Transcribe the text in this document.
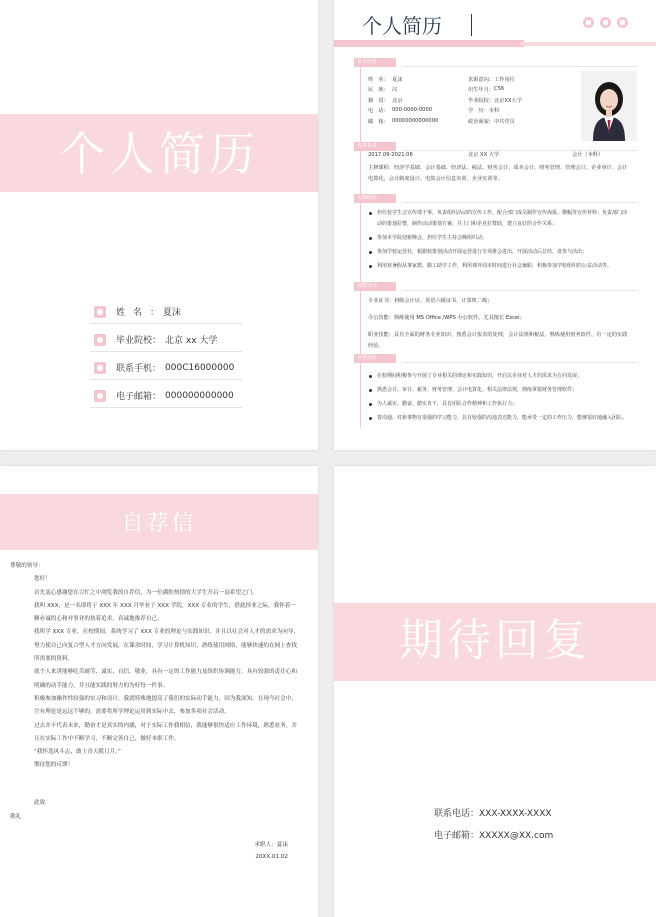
个人简历
姓名 ： 夏沫
毕业院校 ： 北京 xx 大学
联系手机 ： 000C16000000
电子邮箱 ： 000000000000
个人简历
基本信息
姓　名： 夏沫	求职意向： 工作岗位
民　族： 汉	出生年月： C56
籍　贯： 北京	毕业院校： 北京XX大学
电　话： 000-0000-0000	学　历： 本科
邮　箱： 00000000000000	政治面貌： 中共党员
教育背景
2017.09-2021.06	北京 XX 大学	会计（本科）
主修课程：经济学基础、会计基础、经济法、税法、财务会计、成本会计、财务管理、管理会计、企业审计、会计电算化、会计制度设计、电算会计信息实训、企业实训等。
实践经验
担任校学生会宣传部干事，负责组织活动的宣传工作。配合部门成员制作宣传海报、横幅等宣传材料；负责部门活动的策划拉赞，制作活动策划方案，并上门和企业拉赞助，建立良好的合作关系；
参加本学院迎新晚会，担任学生主持会晚组织动；
参加学校运营社，根据校策划活动开展运营进行专项推会进出，开展活动后总结，盘参与活出；
利用寒暑假从事家教、勤工助学工作，利用课外周末时间进行社会兼职，积极参加学校组织的公益活动等。
技能证书
专业证书：初级会计证、英语六级证书、计算机二级；
办公技能：熟练使用 MS Office /WPS 办公软件，尤其擅长 Excel；
职业技能：具有全面的财务专业知识，熟悉会计报表的处理，会计法规和税法，熟练使用财务软件，有一定的实践经验。
自我评价
在校期间积极参与开展了专业相关的理论和实践知识，开启以企业对人才的需求为方向发展；
熟悉会计、审计、税务、财务管理、会计电算化、相关法律法规，熟练掌握财务管理软件；
为人诚实、勤奋、踏实肯干，具有团队合作精神和工作执行力；
善沟通、对新事物有很强的学习能力，具有较强的沟通表达能力，能承受一定的工作压力，能够很好地融入团队。
自荐信

尊敬的领导：

您好！

首先衷心感谢您在百忙之中浏览我的自荐信，为一位满腔热情的大学生开启一扇希望之门。

我叫 XXX，是一名即将于 XXX 年 XXX 月毕业于 XXX 学院，XXX 专业的学生，借此择业之际，我怀着一颗赤诚的心和对事业的执着追求，真诚地推荐自己。

我所学 XXX 专业，在校期间，系统学习了 XXX 专业的理论与实践知识，并且以社会对人才的需求为向导，努力使自己向复合型人才方向发展，在课余时间，学习计算机知识，熟练使用网络，能够快速的在网上查找所需要的资料。

就个人来讲能够吃苦耐劳、诚实、自信、敬业，具有一定的工作能力及组织协调能力，具有较强的责任心和明确的动手能力，并且能实践的努力的为好每一件事。

积极参加操作性较强的实习和设计，我就特殊地提高了我们的实际动手能力，因为我深知，在现今社会中，空有理论是远远不够的，需要将所学理论运用到实际中去，参加多项社会活动。

过去并不代表未来，勤奋才是真实的内涵，对于实际工作我相信，我能够很快适应工作环境，熟悉业务，并且在实际工作中不断学习，不断完善自己，做好本职工作。

“我怀选风斗志，敢上青天揽日月。”

期待您的反馈！

此致
敬礼
求职人：夏沫
20XX.01.02
期待回复
联系电话：XXX-XXXX-XXXX
电子邮箱：XXXXX@XX.com
